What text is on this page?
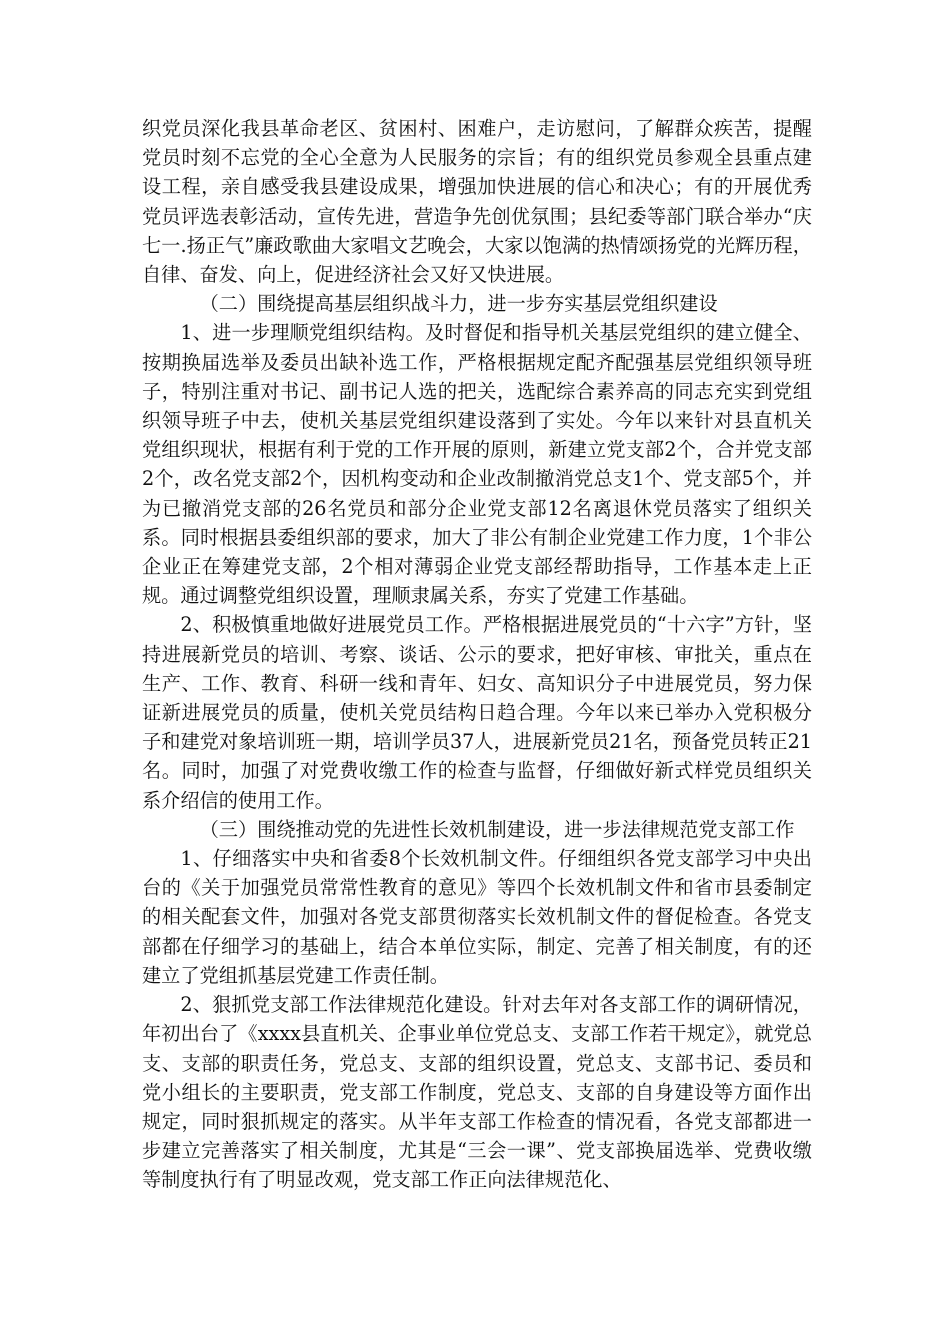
织党员深化我县革命老区、贫困村、困难户，走访慰问，了解群众疾苦，提醒党员时刻不忘党的全心全意为人民服务的宗旨；有的组织党员参观全县重点建设工程，亲自感受我县建设成果，增强加快进展的信心和决心；有的开展优秀党员评选表彰活动，宣传先进，营造争先创优氛围；县纪委等部门联合举办“庆七一.扬正气”廉政歌曲大家唱文艺晚会，大家以饱满的热情颂扬党的光辉历程，自律、奋发、向上，促进经济社会又好又快进展。

（二）围绕提高基层组织战斗力，进一步夯实基层党组织建设

1、进一步理顺党组织结构。及时督促和指导机关基层党组织的建立健全、按期换届选举及委员出缺补选工作，严格根据规定配齐配强基层党组织领导班子，特别注重对书记、副书记人选的把关，选配综合素养高的同志充实到党组织领导班子中去，使机关基层党组织建设落到了实处。今年以来针对县直机关党组织现状，根据有利于党的工作开展的原则，新建立党支部2个，合并党支部2个，改名党支部2个，因机构变动和企业改制撤消党总支1个、党支部5个，并为已撤消党支部的26名党员和部分企业党支部12名离退休党员落实了组织关系。同时根据县委组织部的要求，加大了非公有制企业党建工作力度，1个非公企业正在筹建党支部，2个相对薄弱企业党支部经帮助指导，工作基本走上正规。通过调整党组织设置，理顺隶属关系，夯实了党建工作基础。

2、积极慎重地做好进展党员工作。严格根据进展党员的“十六字”方针，坚持进展新党员的培训、考察、谈话、公示的要求，把好审核、审批关，重点在生产、工作、教育、科研一线和青年、妇女、高知识分子中进展党员，努力保证新进展党员的质量，使机关党员结构日趋合理。今年以来已举办入党积极分子和建党对象培训班一期，培训学员37人，进展新党员21名，预备党员转正21名。同时，加强了对党费收缴工作的检查与监督，仔细做好新式样党员组织关系介绍信的使用工作。

（三）围绕推动党的先进性长效机制建设，进一步法律规范党支部工作

1、仔细落实中央和省委8个长效机制文件。仔细组织各党支部学习中央出台的《关于加强党员常常性教育的意见》等四个长效机制文件和省市县委制定的相关配套文件，加强对各党支部贯彻落实长效机制文件的督促检查。各党支部都在仔细学习的基础上，结合本单位实际，制定、完善了相关制度，有的还建立了党组抓基层党建工作责任制。

2、狠抓党支部工作法律规范化建设。针对去年对各支部工作的调研情况，年初出台了《xxxx县直机关、企事业单位党总支、支部工作若干规定》，就党总支、支部的职责任务，党总支、支部的组织设置，党总支、支部书记、委员和党小组长的主要职责，党支部工作制度，党总支、支部的自身建设等方面作出规定，同时狠抓规定的落实。从半年支部工作检查的情况看，各党支部都进一步建立完善落实了相关制度，尤其是“三会一课”、党支部换届选举、党费收缴等制度执行有了明显改观，党支部工作正向法律规范化、
